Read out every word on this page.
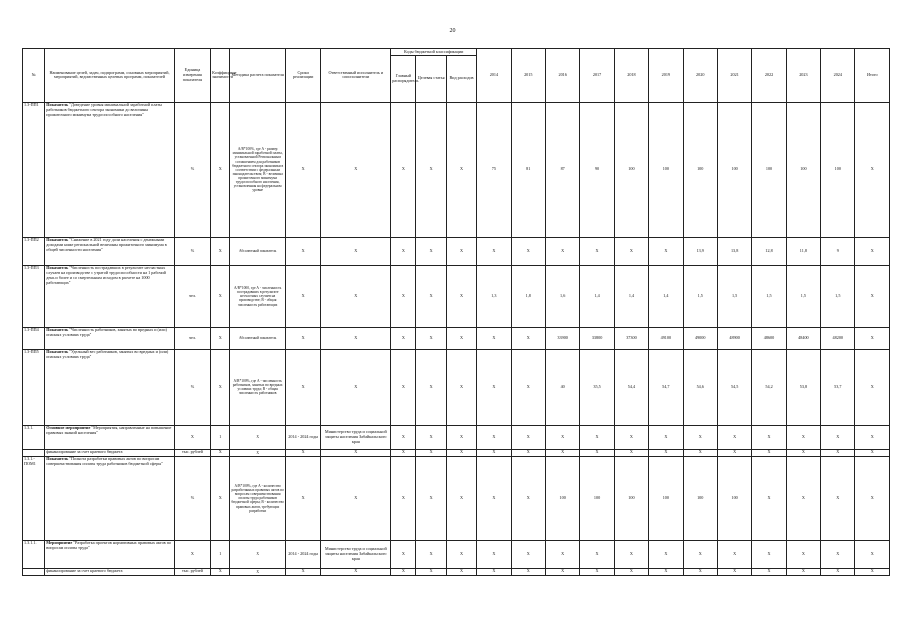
20
№	Наименование целей, задач, подпрограмм, основных мероприятий, мероприятий, ведомственных целевых программ, показателей	Единица измерения показателя	Коэффициент значимости	Методика расчета показателя	Сроки реализации	Ответственный исполнитель и соисполнители	Коды бюджетной классификации			2014	2015	2016	2017	2018	2019	2020	2021	2022	2023	2024	Итого
							Главный распорядитель	Целевая статья	Вид расходов												
1.3-ПП1	Показатель "Доведение уровня минимальной заработной платы работников бюджетного сектора экономики до величины прожиточного минимума трудоспособного населения"	%	X	А/В*100%, где А - размер минимальной заработной платы, установленной Региональным соглашением для работников бюджетного сектора экономики в соответствии с федеральным законодательством; В - величина прожиточного минимума трудоспособного населения, установленная на федеральном уровне	X	X	X	X	X	75	81	87	90	100	100	100	100	100	100	100	X
1.3-ПП2	Показатель "Снижение в 2021 году доли населения с денежными доходами ниже региональной величины прожиточного минимума в общей численности населения"	%	X	Абсолютный показатель	X	X	X	X	X	X	X	X	X	X	X	13,9	13,8	12,8	11,8	9	X
1.3-ПП3	Показатель "Численность пострадавших в результате несчастных случаев на производстве с утратой трудоспособности на 1 рабочий день и более и со смертельным исходом в расчете на 1000 работающих"	чел.	X	А/В*1000, где А - численность пострадавших в результате несчастных случаев на производстве; В - общая численность работающих	X	X	X	X	X	1,3	1,8	1,6	1,4	1,4	1,4	1,5	1,5	1,5	1,5	1,5	X
1.3-ПП4	Показатель "Численность работников, занятых во вредных и (или) опасных условиях труда"	чел.	X	Абсолютный показатель	X	X	X	X	X	X	X	33900	33800	37300	49100	49000	48900	48600	48400	48200	X
1.3-ПП5	Показатель "Удельный вес работников, занятых во вредных и (или) опасных условиях труда"	%	X	А/В*100%, где А - численность работников, занятых во вредных условиях труда; В - общая численность работников	X	X	X	X	X	X	X	40	35,5	54,4	54,7	54,6	54,5	54,2	53,8	53,7	X
1.3.1.	Основное мероприятие "Мероприятия, направленные на повышение правовых знаний населения"	X	1	X	2014 - 2024 годы	Министерство труда и социальной защиты населения Забайкальского края	X	X	X	X	X	X	X	X	X	X	X	X	X	X	X
	финансирование за счет краевого бюджета	тыс. рублей	X	X	X	X	X	X	X	X	X	X	X	X	X	X	X	X	X	X	X
1.3.1.-ПОМ1	Показатель "Полнота разработки правовых актов по вопросам совершенствования оплаты труда работников бюджетной сферы"	%	X	А/В*100%, где А - количество разработанных правовых актов по вопросам совершенствования оплаты труда работников бюджетной сферы; В - количество правовых актов, требующих разработки	X	X	X	X	X	X	X	100	100	100	100	100	100	X	X	X	X
1.3.1.1.	Мероприятие "Разработка проектов нормативных правовых актов по вопросам оплаты труда"	X	1	X	2014 - 2024 годы	Министерство труда и социальной защиты населения Забайкальского края	X	X	X	X	X	X	X	X	X	X	X	X	X	X	X
	финансирование за счет краевого бюджета	тыс. рублей	X	X	X	X	X	X	X	X	X	X	X	X	X	X	X	X	X	X	X
